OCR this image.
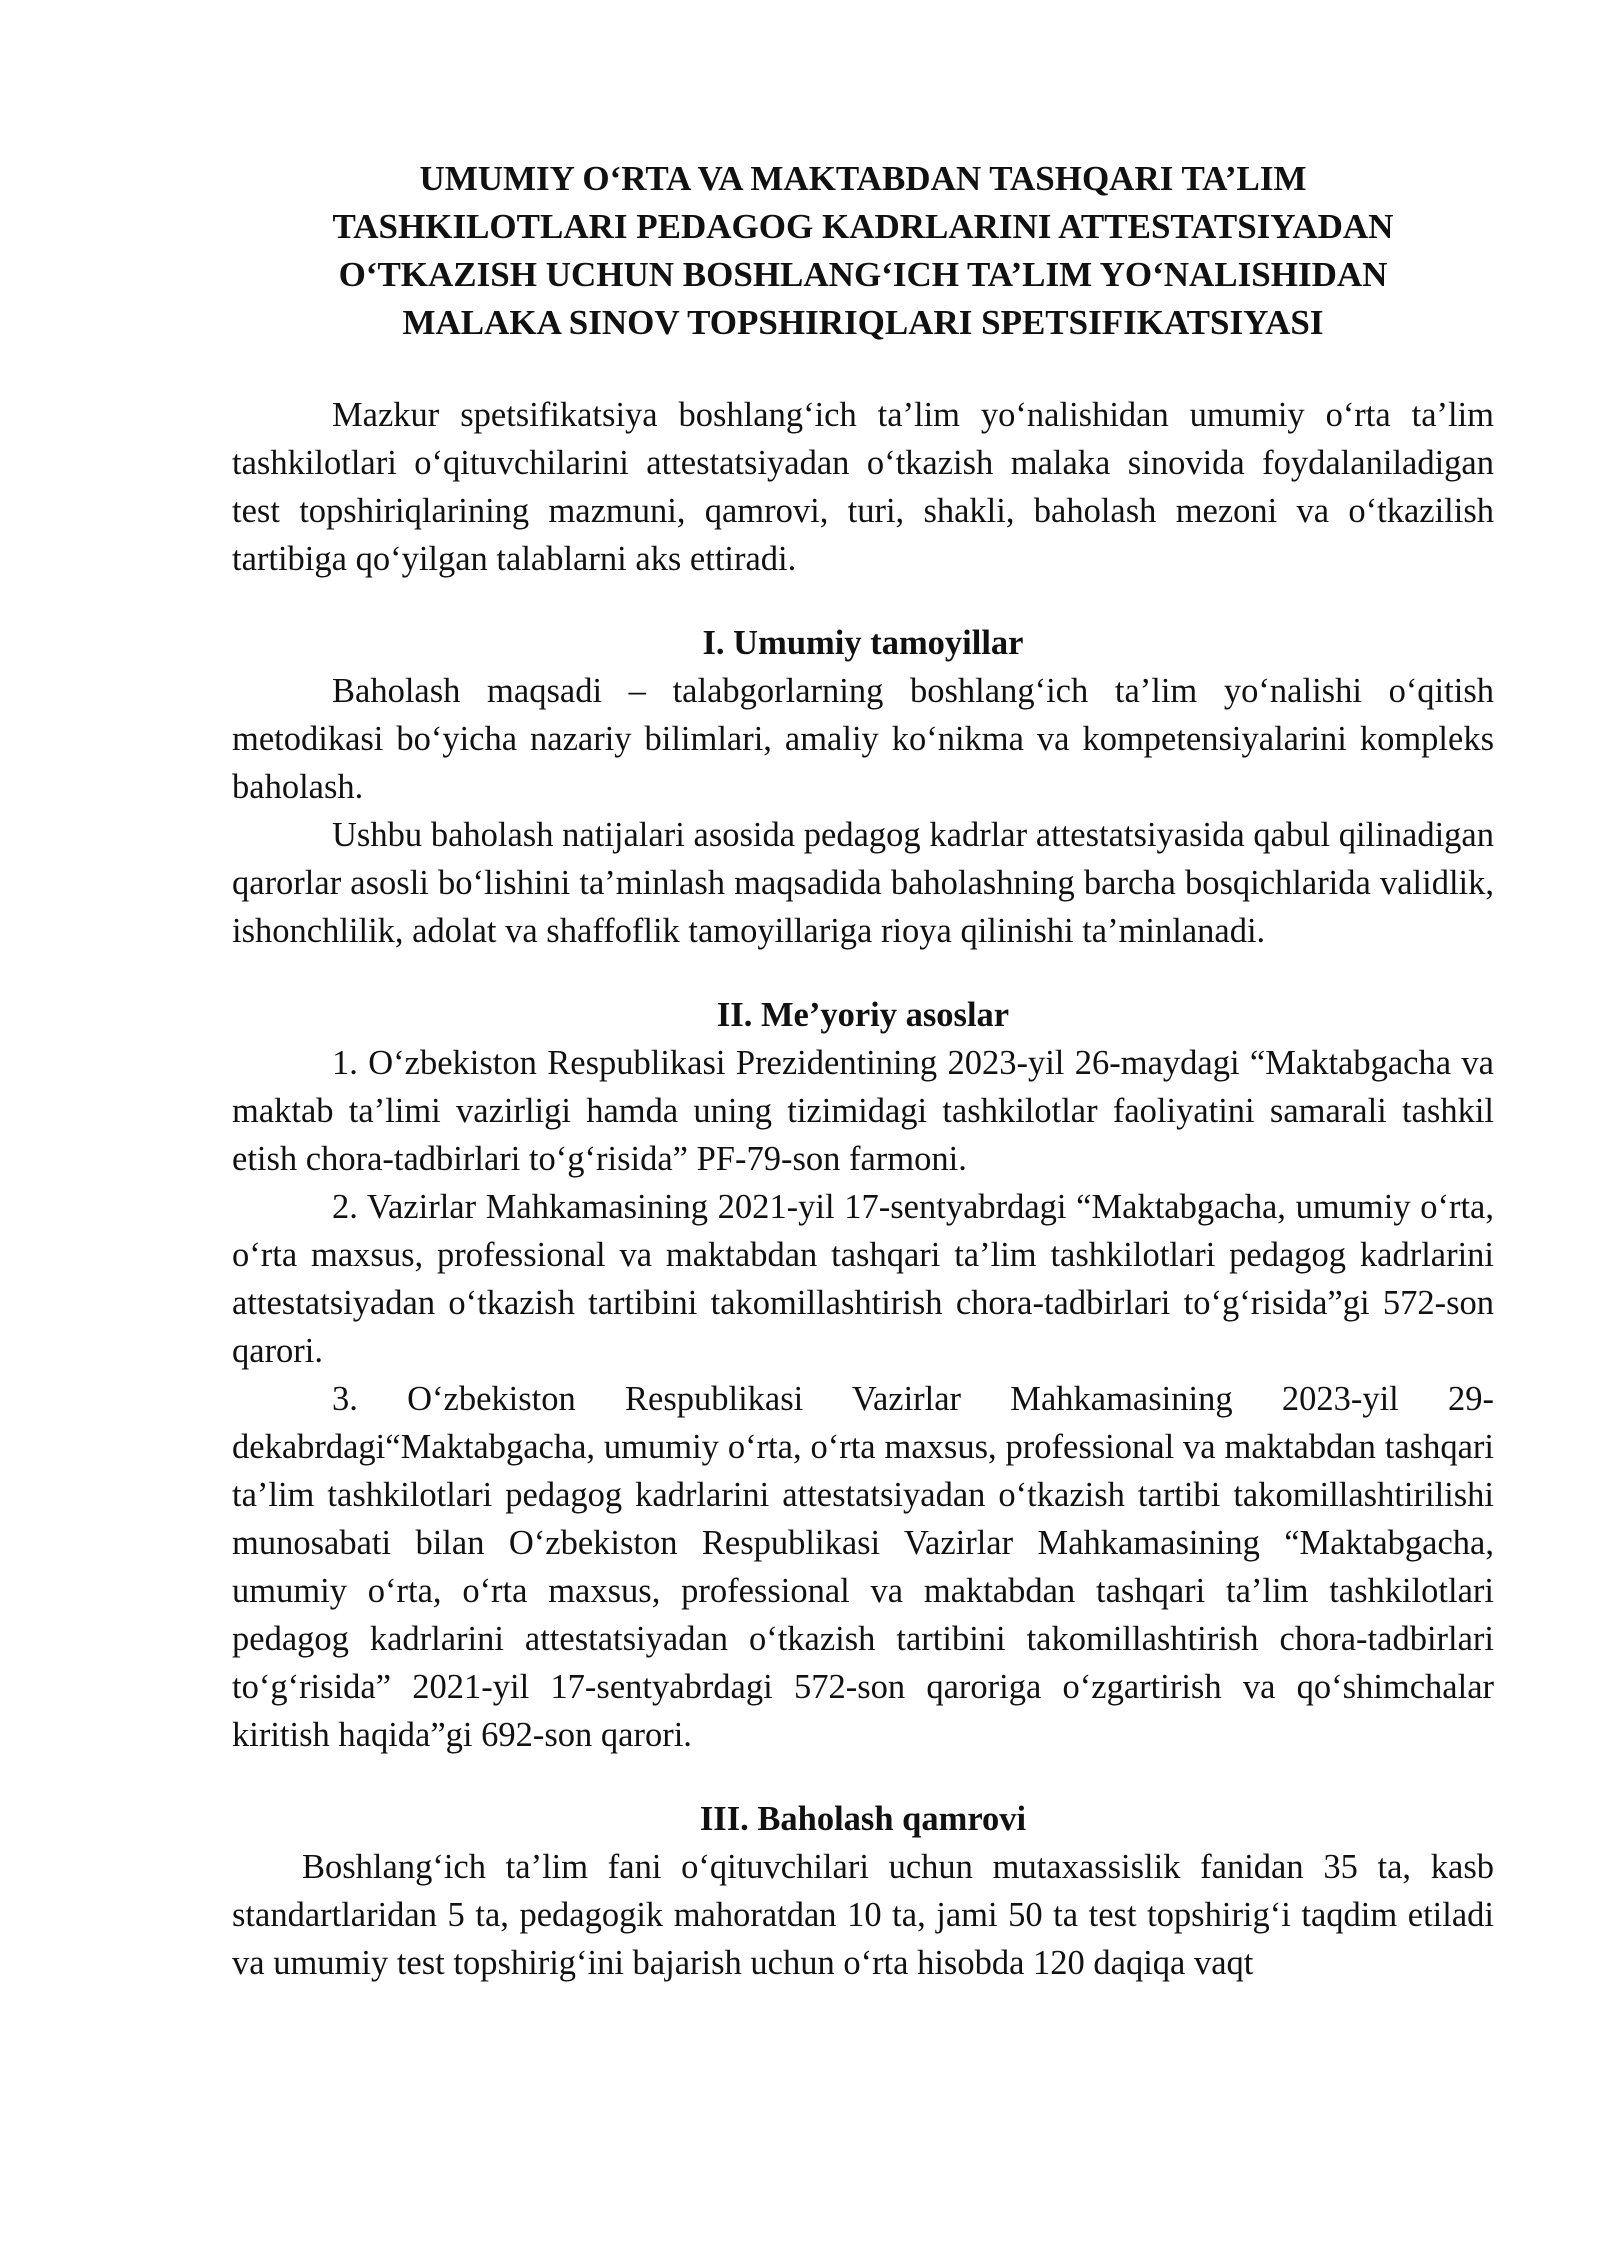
UMUMIY O‘RTA VA MAKTABDAN TASHQARI TA’LIM
TASHKILOTLARI PEDAGOG KADRLARINI ATTESTATSIYADAN
O‘TKAZISH UCHUN BOSHLANG‘ICH TA’LIM YO‘NALISHIDAN
MALAKA SINOV TOPSHIRIQLARI SPETSIFIKATSIYASI

Mazkur spetsifikatsiya boshlang‘ich ta’lim yo‘nalishidan umumiy o‘rta ta’lim tashkilotlari o‘qituvchilarini attestatsiyadan o‘tkazish malaka sinovida foydalaniladigan test topshiriqlarining mazmuni, qamrovi, turi, shakli, baholash mezoni va o‘tkazilish tartibiga qo‘yilgan talablarni aks ettiradi.

I. Umumiy tamoyillar

Baholash maqsadi – talabgorlarning boshlang‘ich ta’lim yo‘nalishi o‘qitish metodikasi bo‘yicha nazariy bilimlari, amaliy ko‘nikma va kompetensiyalarini kompleks baholash.

Ushbu baholash natijalari asosida pedagog kadrlar attestatsiyasida qabul qilinadigan qarorlar asosli bo‘lishini ta’minlash maqsadida baholashning barcha bosqichlarida validlik, ishonchlilik, adolat va shaffoflik tamoyillariga rioya qilinishi ta’minlanadi.

II. Me’yoriy asoslar

1. O‘zbekiston Respublikasi Prezidentining 2023-yil 26-maydagi “Maktabgacha va maktab ta’limi vazirligi hamda uning tizimidagi tashkilotlar faoliyatini samarali tashkil etish chora-tadbirlari to‘g‘risida” PF-79-son farmoni.

2. Vazirlar Mahkamasining 2021-yil 17-sentyabrdagi “Maktabgacha, umumiy o‘rta, o‘rta maxsus, professional va maktabdan tashqari ta’lim tashkilotlari pedagog kadrlarini attestatsiyadan o‘tkazish tartibini takomillashtirish chora-tadbirlari to‘g‘risida”gi 572-son qarori.

3. O‘zbekiston Respublikasi Vazirlar Mahkamasining 2023-yil 29-dekabrdagi“Maktabgacha, umumiy o‘rta, o‘rta maxsus, professional va maktabdan tashqari ta’lim tashkilotlari pedagog kadrlarini attestatsiyadan o‘tkazish tartibi takomillashtirilishi munosabati bilan O‘zbekiston Respublikasi Vazirlar Mahkamasining “Maktabgacha, umumiy o‘rta, o‘rta maxsus, professional va maktabdan tashqari ta’lim tashkilotlari pedagog kadrlarini attestatsiyadan o‘tkazish tartibini takomillashtirish chora-tadbirlari to‘g‘risida” 2021-yil 17-sentyabrdagi 572-son qaroriga o‘zgartirish va qo‘shimchalar kiritish haqida”gi 692-son qarori.

III. Baholash qamrovi

Boshlang‘ich ta’lim fani o‘qituvchilari uchun mutaxassislik fanidan 35 ta, kasb standartlaridan 5 ta, pedagogik mahoratdan 10 ta, jami 50 ta test topshirig‘i taqdim etiladi va umumiy test topshirig‘ini bajarish uchun o‘rta hisobda 120 daqiqa vaqt
